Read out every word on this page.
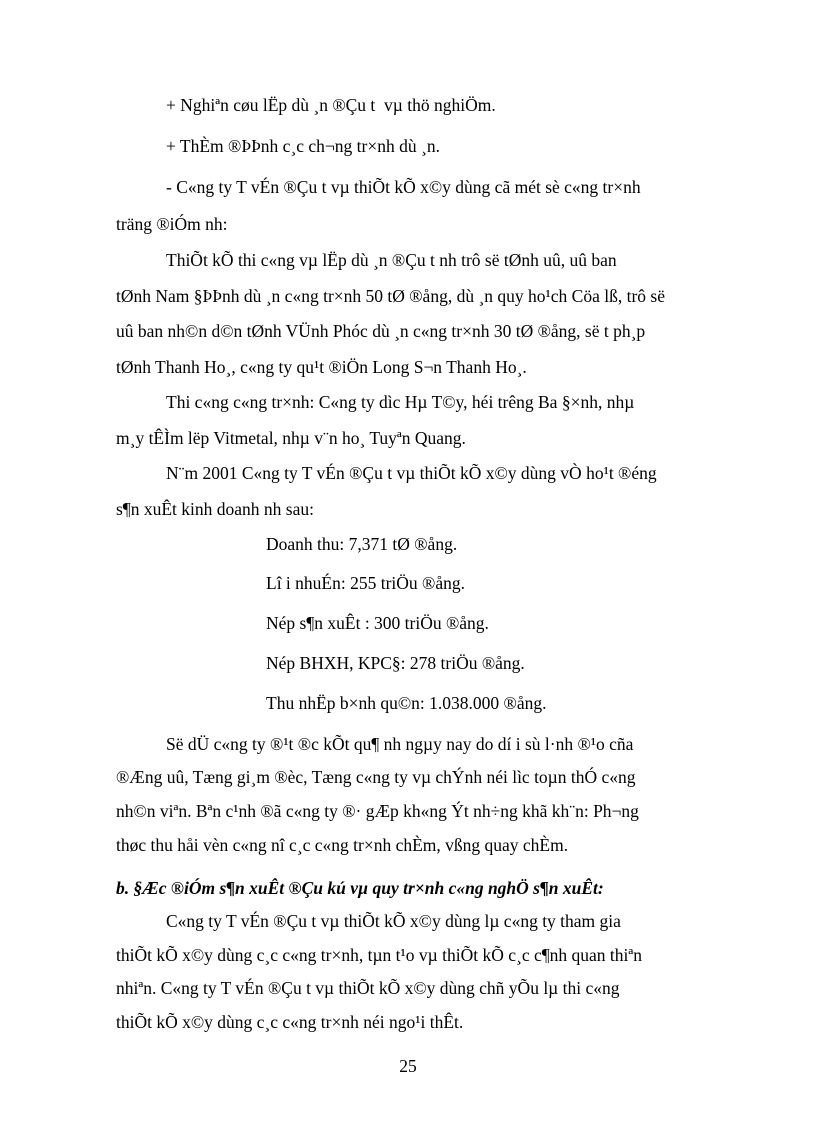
+ Nghiªn cøu lËp dù ¸n ®Çu t  vµ thö nghiÖm.
+ ThÈm ®ÞÞnh c¸c ch¬ng tr×nh dù ¸n.
- C«ng ty T vÉn ®Çu t vµ thiÕt kÕ x©y dùng cã mét sè c«ng tr×nh
träng ®iÓm nh:
ThiÕt kÕ thi c«ng vµ lËp dù ¸n ®Çu t nh trô së tØnh uû, uû ban
tØnh Nam §ÞÞnh dù ¸n c«ng tr×nh 50 tØ ®ång, dù ¸n quy ho¹ch Cöa lß, trô së
uû ban nh©n d©n tØnh VÜnh Phóc dù ¸n c«ng tr×nh 30 tØ ®ång, së t ph¸p
tØnh Thanh Ho¸, c«ng ty qu¹t ®iÖn Long S¬n Thanh Ho¸.
Thi c«ng c«ng tr×nh: C«ng ty dìc Hµ T©y, héi trêng Ba §×nh, nhµ
m¸y tÊÌm lëp Vitmetal, nhµ v¨n ho¸ Tuyªn Quang.
N¨m 2001 C«ng ty T vÉn ®Çu t vµ thiÕt kÕ x©y dùng vÒ ho¹t ®éng
s¶n xuÊt kinh doanh nh sau:
Doanh thu: 7,371 tØ ®ång.
Lî i nhuÉn: 255 triÖu ®ång.
Nép s¶n xuÊt : 300 triÖu ®ång.
Nép BHXH, KPC§: 278 triÖu ®ång.
Thu nhËp b×nh qu©n: 1.038.000 ®ång.
Së dÜ c«ng ty ®¹t ®c kÕt qu¶ nh ngµy nay do dí i sù l·nh ®¹o cña
®Æng uû, Tæng gi¸m ®èc, Tæng c«ng ty vµ chÝnh néi lìc toµn thÓ c«ng
nh©n viªn. Bªn c¹nh ®ã c«ng ty ®· gÆp kh«ng Ýt nh÷ng khã kh¨n: Ph¬ng
thøc thu håi vèn c«ng nî c¸c c«ng tr×nh chÈm, vßng quay chÈm.
b. §Æc ®iÓm s¶n xuÊt ®Çu kú vµ quy tr×nh c«ng nghÖ s¶n xuÊt:
C«ng ty T vÉn ®Çu t vµ thiÕt kÕ x©y dùng lµ c«ng ty tham gia
thiÕt kÕ x©y dùng c¸c c«ng tr×nh, tµn t¹o vµ thiÕt kÕ c¸c c¶nh quan thiªn
nhiªn. C«ng ty T vÉn ®Çu t vµ thiÕt kÕ x©y dùng chñ yÕu lµ thi c«ng
thiÕt kÕ x©y dùng c¸c c«ng tr×nh néi ngo¹i thÊt.
25
